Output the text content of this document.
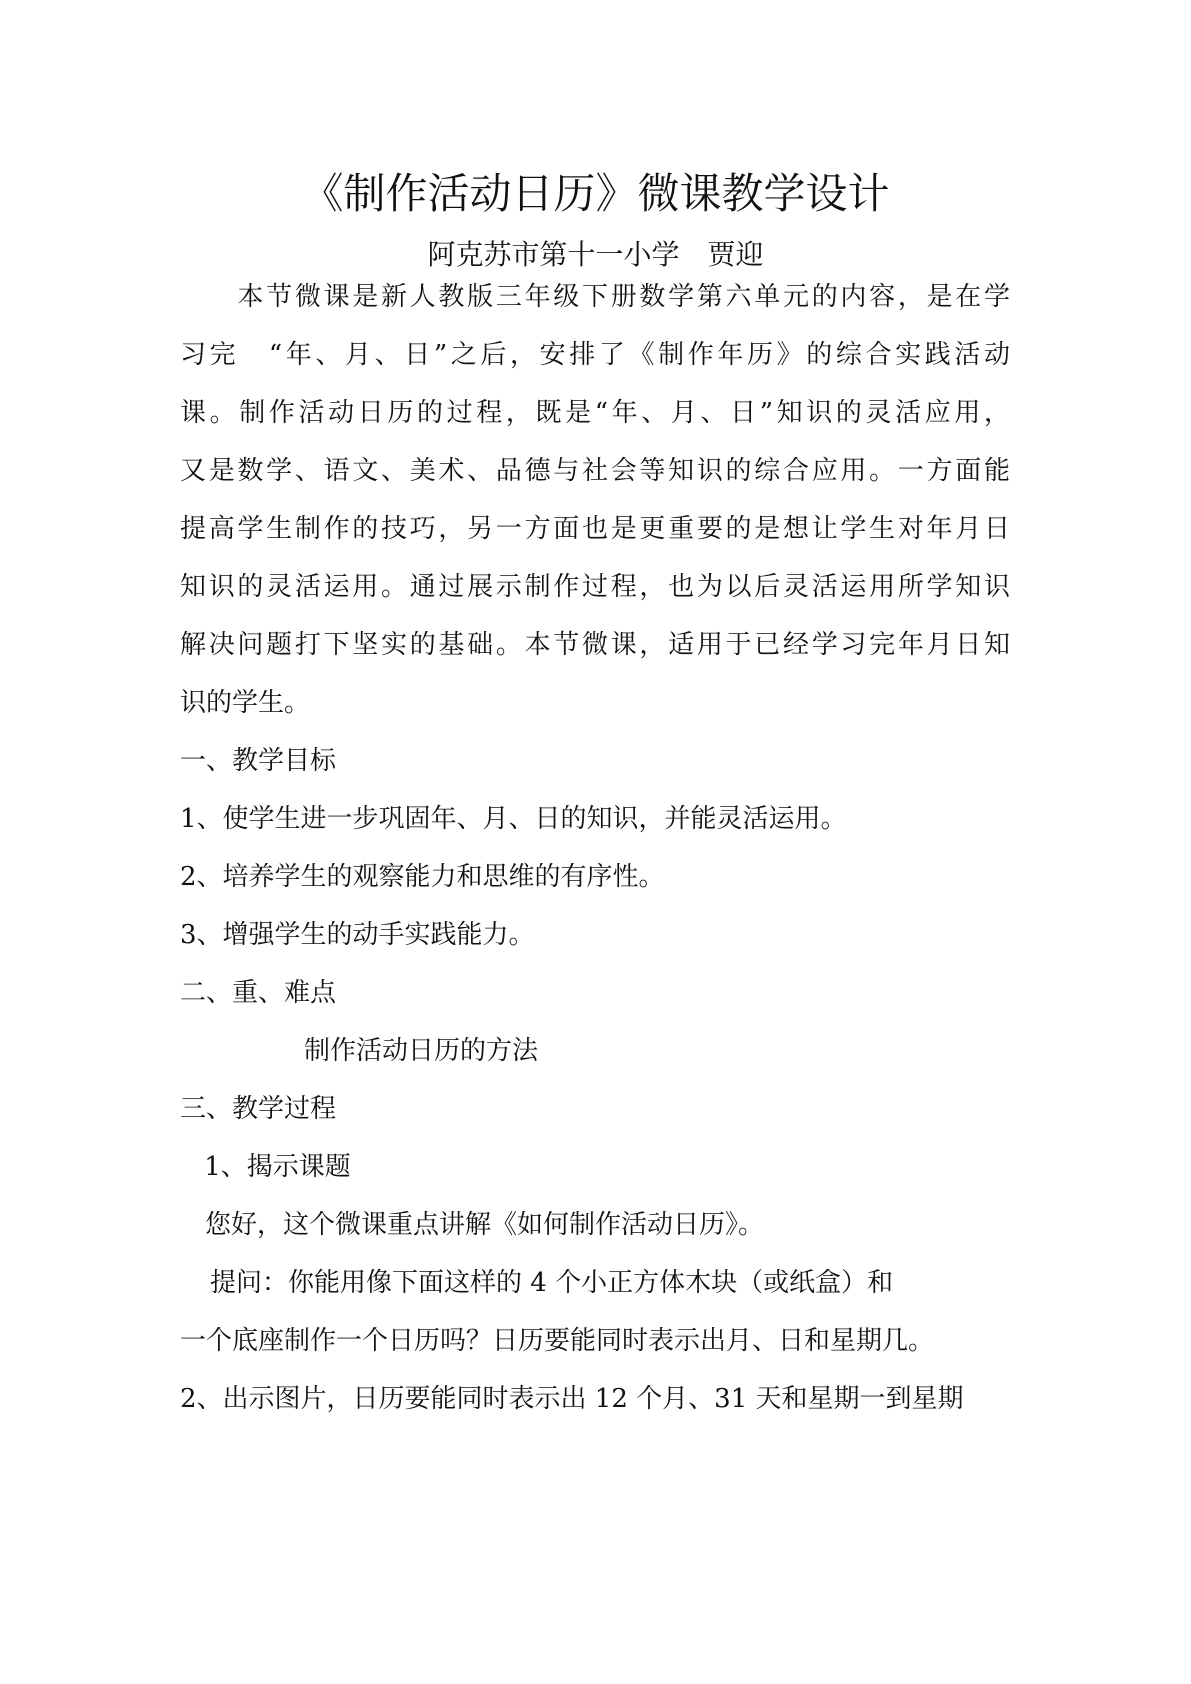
《制作活动日历》微课教学设计
阿克苏市第十一小学　贾迎
　　本节微课是新人教版三年级下册数学第六单元的内容，是在学
习完　“年、月、日”之后，安排了《制作年历》的综合实践活动
课。制作活动日历的过程，既是“年、月、日”知识的灵活应用，
又是数学、语文、美术、品德与社会等知识的综合应用。一方面能
提高学生制作的技巧，另一方面也是更重要的是想让学生对年月日
知识的灵活运用。通过展示制作过程，也为以后灵活运用所学知识
解决问题打下坚实的基础。本节微课，适用于已经学习完年月日知
识的学生。
一、教学目标
1、使学生进一步巩固年、月、日的知识，并能灵活运用。
2、培养学生的观察能力和思维的有序性。
3、增强学生的动手实践能力。
二、重、难点
制作活动日历的方法
三、教学过程
1、揭示课题
您好，这个微课重点讲解《如何制作活动日历》。
提问：你能用像下面这样的 4 个小正方体木块（或纸盒）和
一个底座制作一个日历吗？日历要能同时表示出月、日和星期几。
2、出示图片，日历要能同时表示出 12 个月、31 天和星期一到星期
